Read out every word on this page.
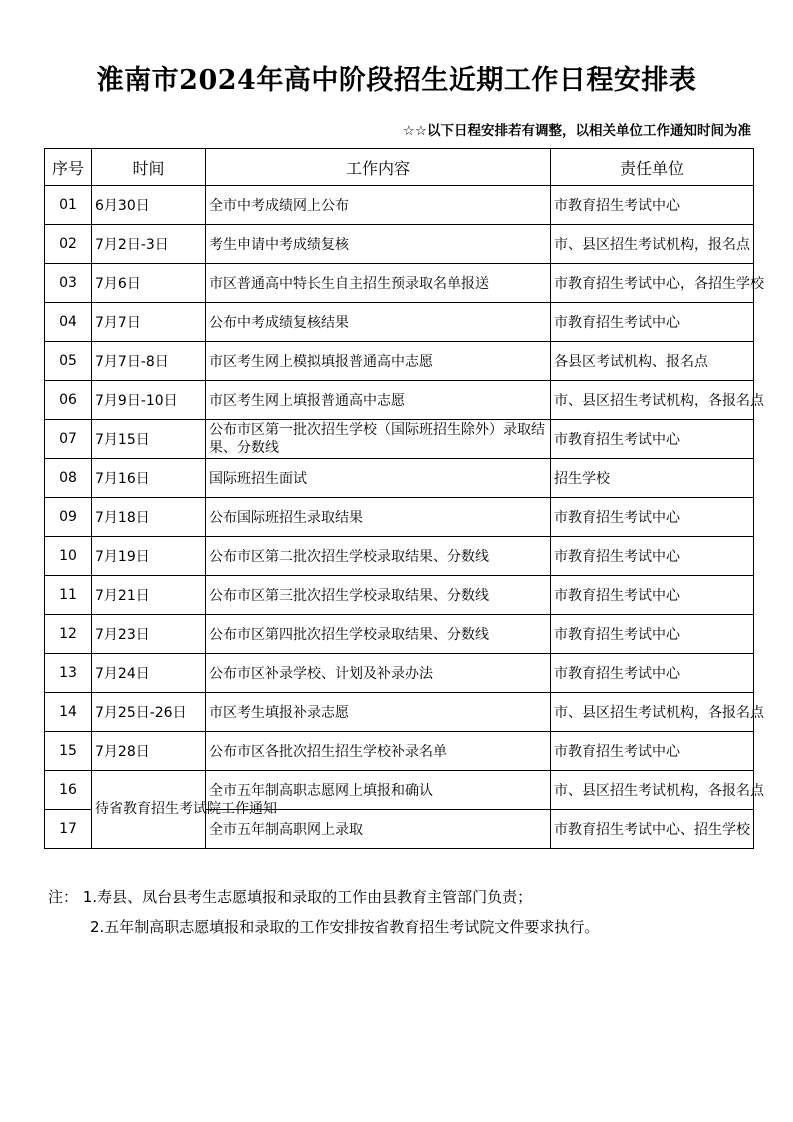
淮南市2024年高中阶段招生近期工作日程安排表
☆☆以下日程安排若有调整，以相关单位工作通知时间为准
序号	时间	工作内容	责任单位
01	6月30日	全市中考成绩网上公布	市教育招生考试中心
02	7月2日-3日	考生申请中考成绩复核	市、县区招生考试机构，报名点
03	7月6日	市区普通高中特长生自主招生预录取名单报送	市教育招生考试中心，各招生学校
04	7月7日	公布中考成绩复核结果	市教育招生考试中心
05	7月7日-8日	市区考生网上模拟填报普通高中志愿	各县区考试机构、报名点
06	7月9日-10日	市区考生网上填报普通高中志愿	市、县区招生考试机构，各报名点
07	7月15日	公布市区第一批次招生学校（国际班招生除外）录取结果、分数线	市教育招生考试中心
08	7月16日	国际班招生面试	招生学校
09	7月18日	公布国际班招生录取结果	市教育招生考试中心
10	7月19日	公布市区第二批次招生学校录取结果、分数线	市教育招生考试中心
11	7月21日	公布市区第三批次招生学校录取结果、分数线	市教育招生考试中心
12	7月23日	公布市区第四批次招生学校录取结果、分数线	市教育招生考试中心
13	7月24日	公布市区补录学校、计划及补录办法	市教育招生考试中心
14	7月25日-26日	市区考生填报补录志愿	市、县区招生考试机构，各报名点
15	7月28日	公布市区各批次招生招生学校补录名单	市教育招生考试中心
16	待省教育招生考试院工作通知	全市五年制高职志愿网上填报和确认	市、县区招生考试机构，各报名点
17		全市五年制高职网上录取	市教育招生考试中心、招生学校
注： 1.寿县、凤台县考生志愿填报和录取的工作由县教育主管部门负责；
2.五年制高职志愿填报和录取的工作安排按省教育招生考试院文件要求执行。
